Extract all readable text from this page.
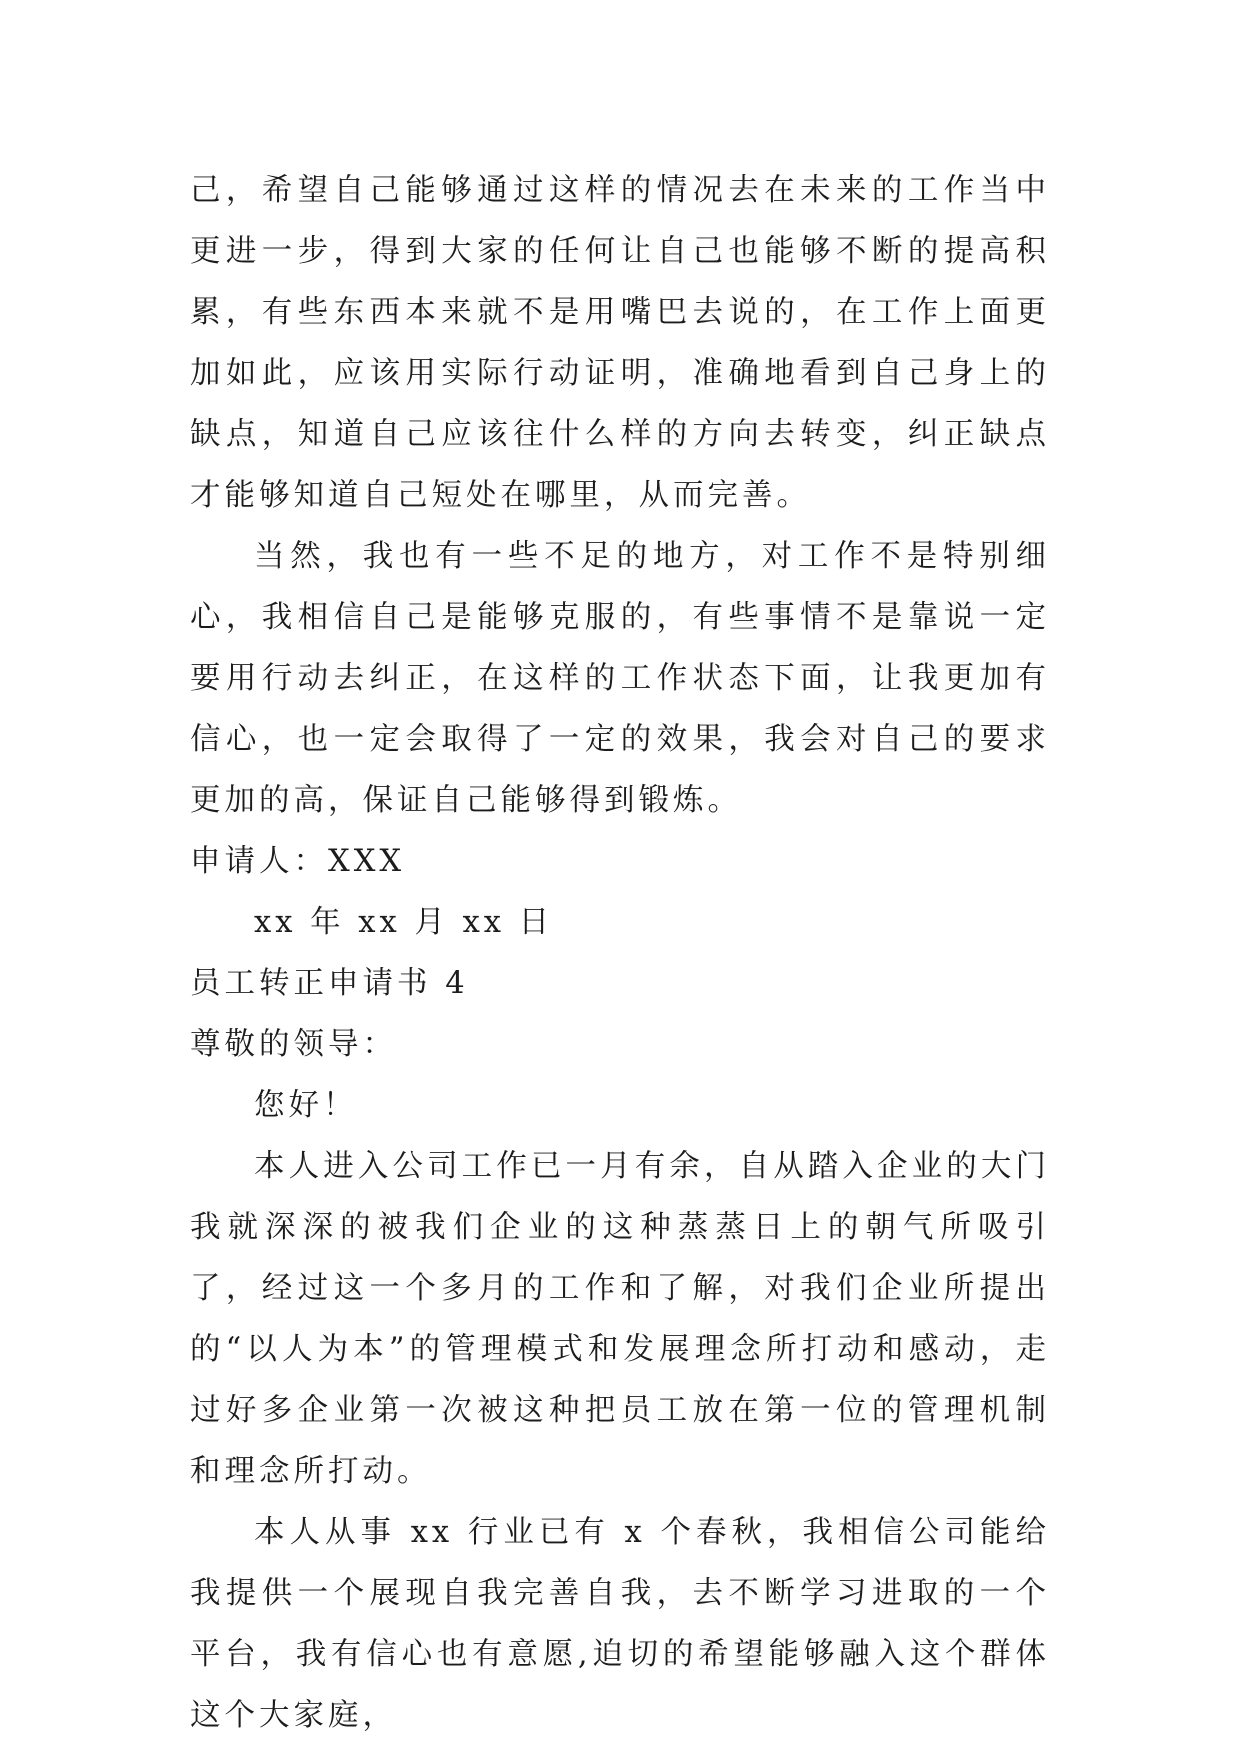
己，希望自己能够通过这样的情况去在未来的工作当中更进一步，得到大家的任何让自己也能够不断的提高积累，有些东西本来就不是用嘴巴去说的，在工作上面更加如此，应该用实际行动证明，准确地看到自己身上的缺点，知道自己应该往什么样的方向去转变，纠正缺点才能够知道自己短处在哪里，从而完善。

当然，我也有一些不足的地方，对工作不是特别细心，我相信自己是能够克服的，有些事情不是靠说一定要用行动去纠正，在这样的工作状态下面，让我更加有信心，也一定会取得了一定的效果，我会对自己的要求更加的高，保证自己能够得到锻炼。

申请人：XXX
xx 年 xx 月 xx 日
员工转正申请书 4
尊敬的领导：
您好！

本人进入公司工作已一月有余，自从踏入企业的大门我就深深的被我们企业的这种蒸蒸日上的朝气所吸引了，经过这一个多月的工作和了解，对我们企业所提出的“以人为本”的管理模式和发展理念所打动和感动，走过好多企业第一次被这种把员工放在第一位的管理机制和理念所打动。

本人从事 xx 行业已有 x 个春秋，我相信公司能给我提供一个展现自我完善自我，去不断学习进取的一个平台，我有信心也有意愿,迫切的希望能够融入这个群体这个大家庭，
